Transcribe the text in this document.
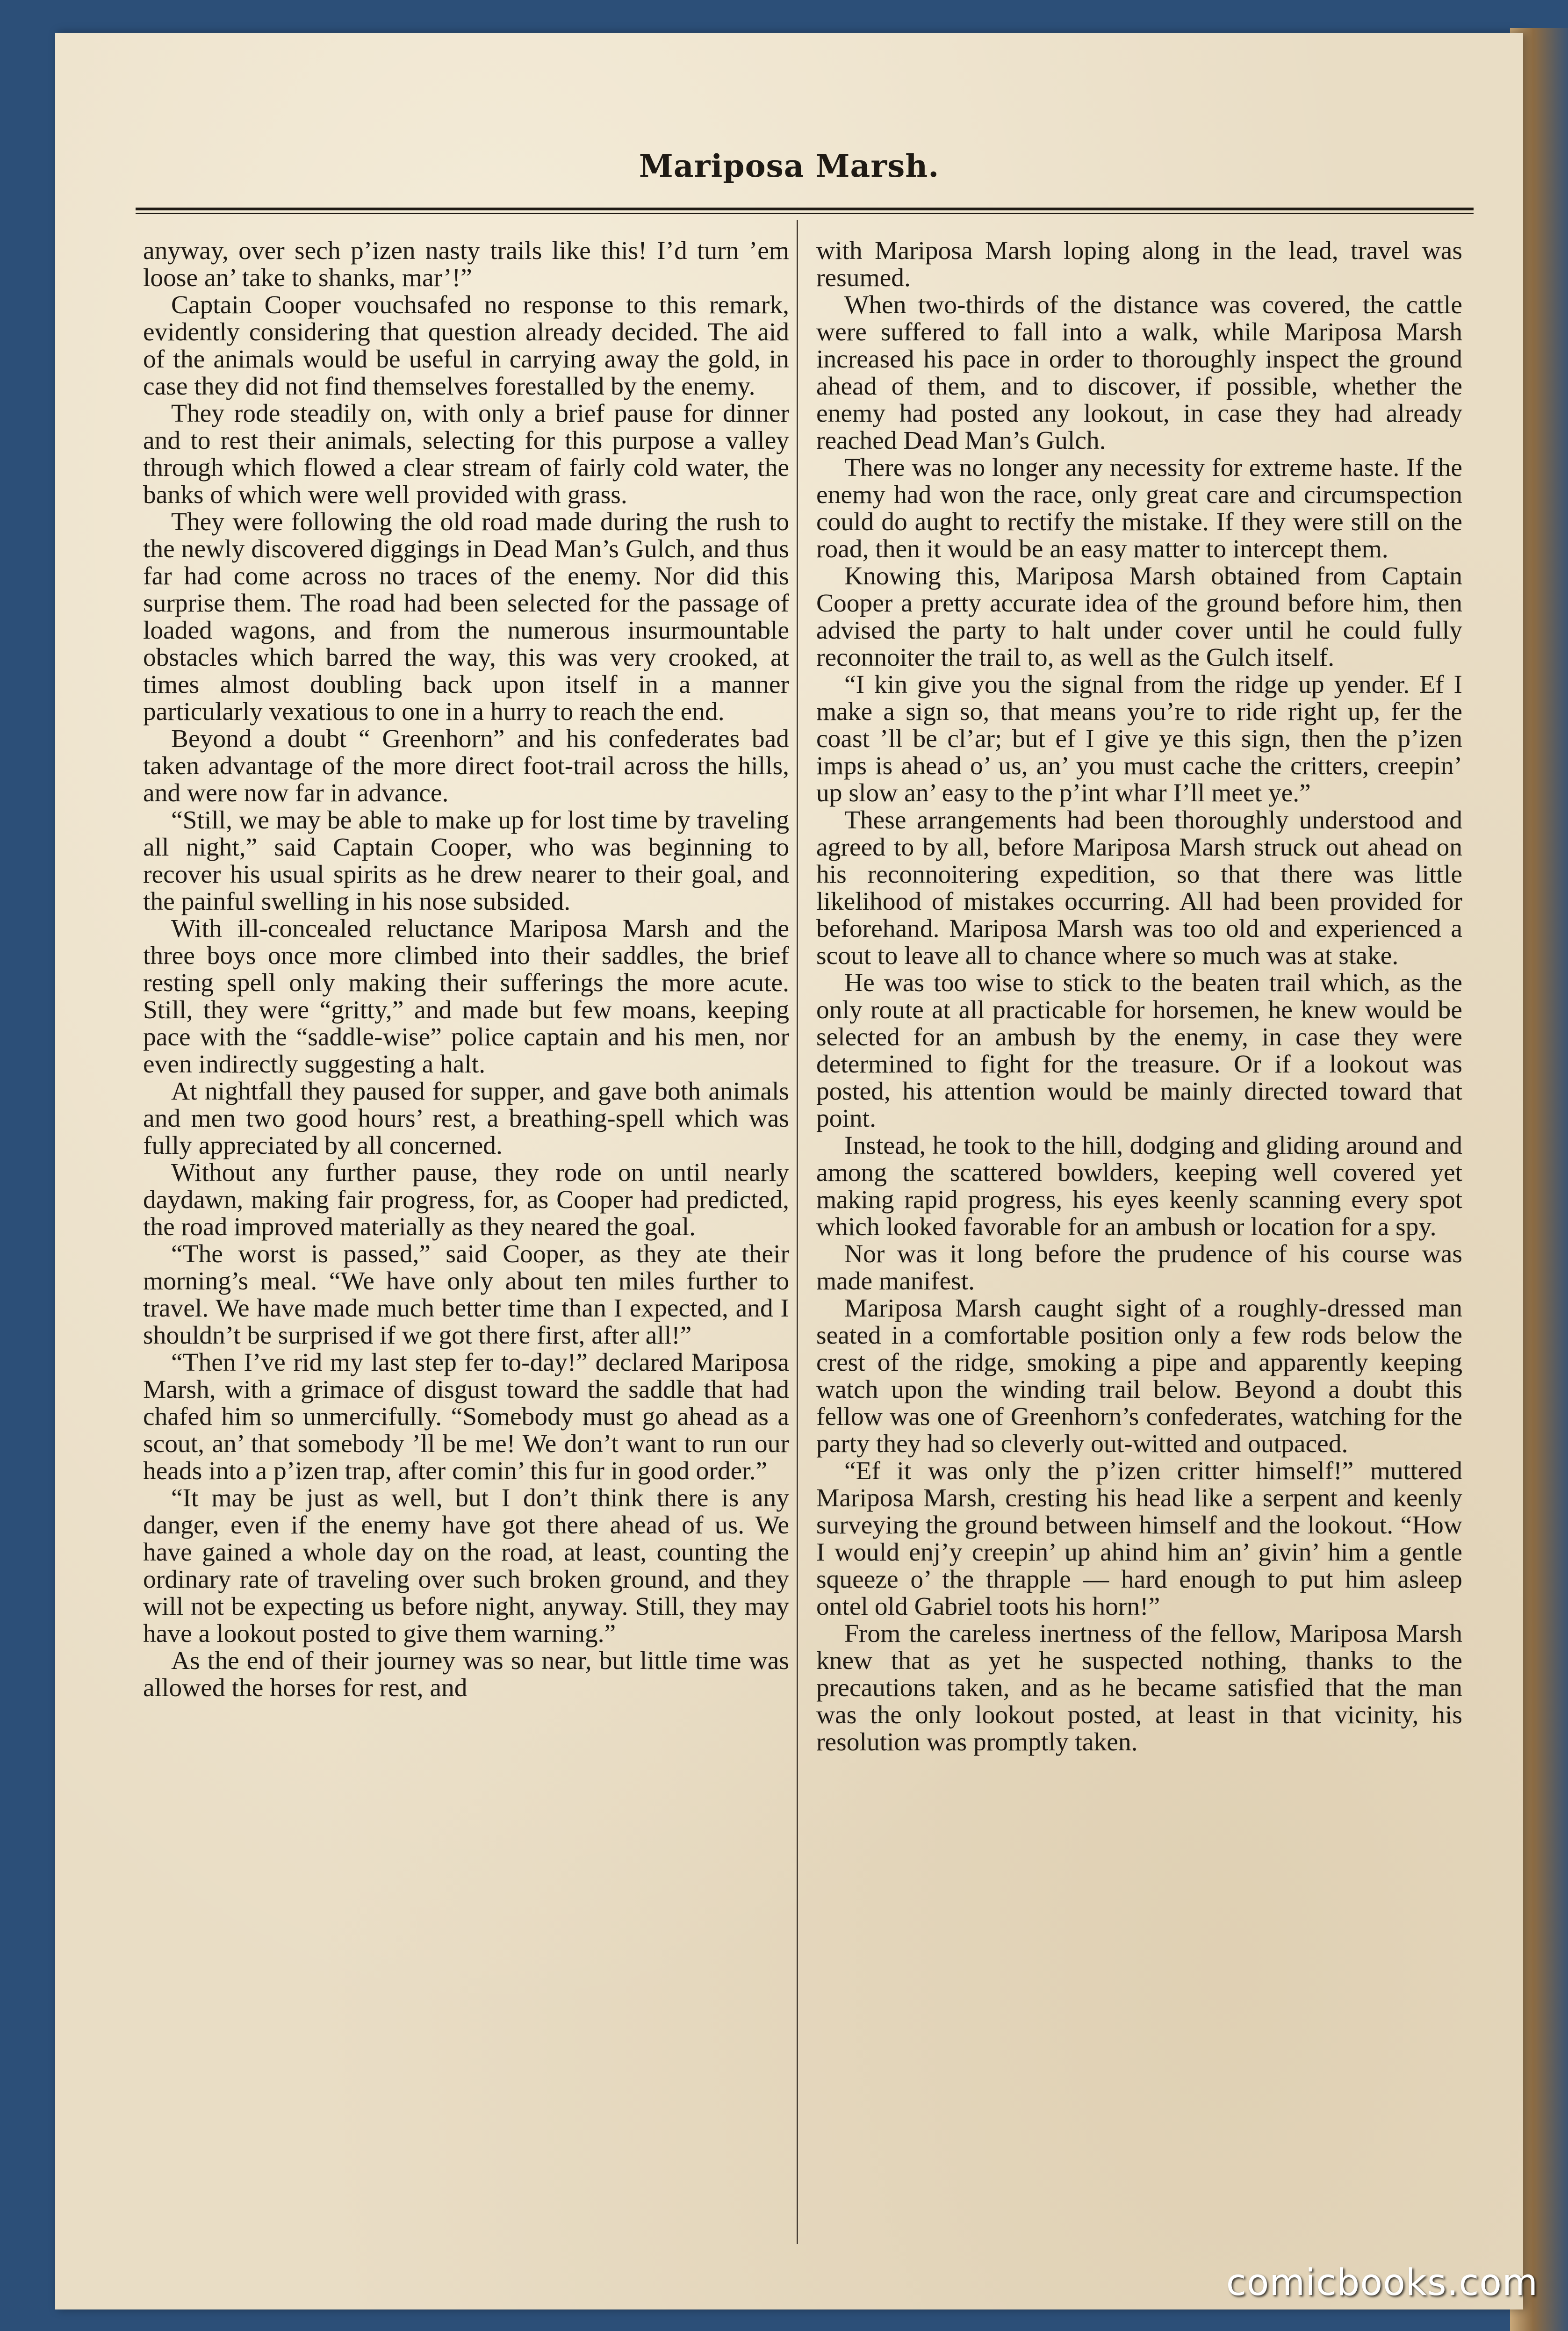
Mariposa Marsh.

anyway, over sech p’izen nasty trails like this! I’d turn ’em loose an’ take to shanks, mar’!”

Captain Cooper vouchsafed no response to this remark, evidently considering that question already decided. The aid of the animals would be useful in carrying away the gold, in case they did not find themselves forestalled by the enemy.

They rode steadily on, with only a brief pause for dinner and to rest their animals, selecting for this purpose a valley through which flowed a clear stream of fairly cold water, the banks of which were well provided with grass.

They were following the old road made during the rush to the newly discovered diggings in Dead Man’s Gulch, and thus far had come across no traces of the enemy. Nor did this surprise them. The road had been selected for the passage of loaded wagons, and from the numerous insurmountable obstacles which barred the way, this was very crooked, at times almost doubling back upon itself in a manner particularly vexatious to one in a hurry to reach the end.

Beyond a doubt “ Greenhorn” and his confederates bad taken advantage of the more direct foot-trail across the hills, and were now far in advance.

“Still, we may be able to make up for lost time by traveling all night,” said Captain Cooper, who was beginning to recover his usual spirits as he drew nearer to their goal, and the painful swelling in his nose subsided.

With ill-concealed reluctance Mariposa Marsh and the three boys once more climbed into their saddles, the brief resting spell only making their sufferings the more acute. Still, they were “gritty,” and made but few moans, keeping pace with the “saddle-wise” police captain and his men, nor even indirectly suggesting a halt.

At nightfall they paused for supper, and gave both animals and men two good hours’ rest, a breathing-spell which was fully appreciated by all concerned.

Without any further pause, they rode on until nearly daydawn, making fair progress, for, as Cooper had predicted, the road improved materially as they neared the goal.

“The worst is passed,” said Cooper, as they ate their morning’s meal. “We have only about ten miles further to travel. We have made much better time than I expected, and I shouldn’t be surprised if we got there first, after all!”

“Then I’ve rid my last step fer to-day!” declared Mariposa Marsh, with a grimace of disgust toward the saddle that had chafed him so unmercifully. “Somebody must go ahead as a scout, an’ that somebody ’ll be me! We don’t want to run our heads into a p’izen trap, after comin’ this fur in good order.”

“It may be just as well, but I don’t think there is any danger, even if the enemy have got there ahead of us. We have gained a whole day on the road, at least, counting the ordinary rate of traveling over such broken ground, and they will not be expecting us before night, anyway. Still, they may have a lookout posted to give them warning.”

As the end of their journey was so near, but little time was allowed the horses for rest, and

with Mariposa Marsh loping along in the lead, travel was resumed.

When two-thirds of the distance was covered, the cattle were suffered to fall into a walk, while Mariposa Marsh increased his pace in order to thoroughly inspect the ground ahead of them, and to discover, if possible, whether the enemy had posted any lookout, in case they had already reached Dead Man’s Gulch.

There was no longer any necessity for extreme haste. If the enemy had won the race, only great care and circumspection could do aught to rectify the mistake. If they were still on the road, then it would be an easy matter to intercept them.

Knowing this, Mariposa Marsh obtained from Captain Cooper a pretty accurate idea of the ground before him, then advised the party to halt under cover until he could fully reconnoiter the trail to, as well as the Gulch itself.

“I kin give you the signal from the ridge up yender. Ef I make a sign so, that means you’re to ride right up, fer the coast ’ll be cl’ar; but ef I give ye this sign, then the p’izen imps is ahead o’ us, an’ you must cache the critters, creepin’ up slow an’ easy to the p’int whar I’ll meet ye.”

These arrangements had been thoroughly understood and agreed to by all, before Mariposa Marsh struck out ahead on his reconnoitering expedition, so that there was little likelihood of mistakes occurring. All had been provided for beforehand. Mariposa Marsh was too old and experienced a scout to leave all to chance where so much was at stake.

He was too wise to stick to the beaten trail which, as the only route at all practicable for horsemen, he knew would be selected for an ambush by the enemy, in case they were determined to fight for the treasure. Or if a lookout was posted, his attention would be mainly directed toward that point.

Instead, he took to the hill, dodging and gliding around and among the scattered bowlders, keeping well covered yet making rapid progress, his eyes keenly scanning every spot which looked favorable for an ambush or location for a spy.

Nor was it long before the prudence of his course was made manifest.

Mariposa Marsh caught sight of a roughly-dressed man seated in a comfortable position only a few rods below the crest of the ridge, smoking a pipe and apparently keeping watch upon the winding trail below. Beyond a doubt this fellow was one of Greenhorn’s confederates, watching for the party they had so cleverly out-witted and outpaced.

“Ef it was only the p’izen critter himself!” muttered Mariposa Marsh, cresting his head like a serpent and keenly surveying the ground between himself and the lookout. “How I would enj’y creepin’ up ahind him an’ givin’ him a gentle squeeze o’ the thrapple — hard enough to put him asleep ontel old Gabriel toots his horn!”

From the careless inertness of the fellow, Mariposa Marsh knew that as yet he suspected nothing, thanks to the precautions taken, and as he became satisfied that the man was the only lookout posted, at least in that vicinity, his resolution was promptly taken.

comicbooks.com
